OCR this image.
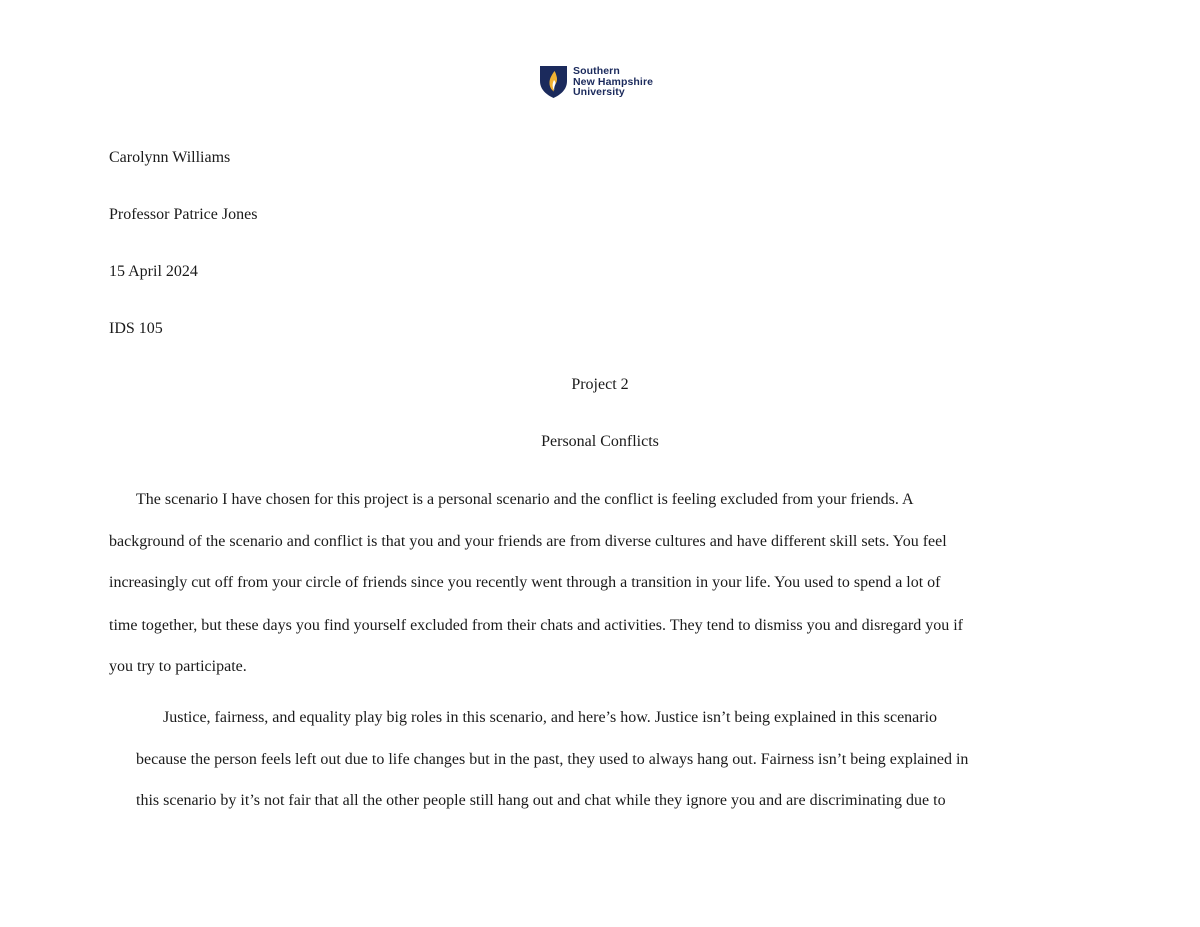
Southern
New Hampshire
University
Carolynn Williams
Professor Patrice Jones
15 April 2024
IDS 105
Project 2
Personal Conflicts
The scenario I have chosen for this project is a personal scenario and the conflict is feeling excluded from your friends. A
background of the scenario and conflict is that you and your friends are from diverse cultures and have different skill sets. You feel
increasingly cut off from your circle of friends since you recently went through a transition in your life. You used to spend a lot of
time together, but these days you find yourself excluded from their chats and activities. They tend to dismiss you and disregard you if
you try to participate.
Justice, fairness, and equality play big roles in this scenario, and here’s how. Justice isn’t being explained in this scenario
because the person feels left out due to life changes but in the past, they used to always hang out. Fairness isn’t being explained in
this scenario by it’s not fair that all the other people still hang out and chat while they ignore you and are discriminating due to
